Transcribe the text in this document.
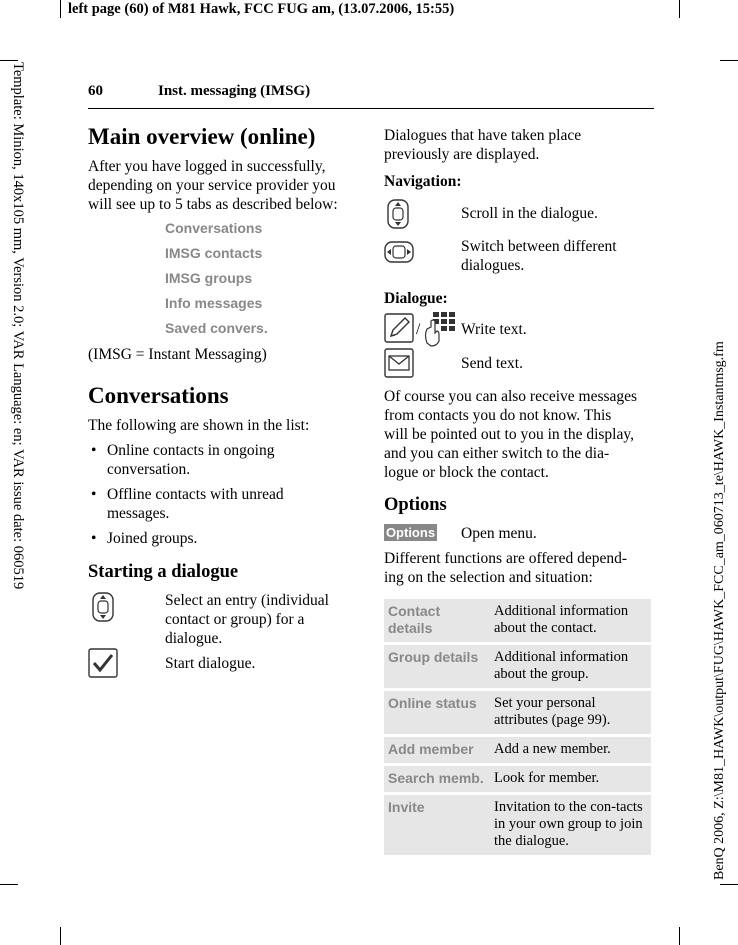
left page (60) of M81 Hawk, FCC FUG am, (13.07.2006, 15:55)
Template: Minion, 140x105 mm, Version 2.0; VAR Language: en; VAR issue date: 060519
BenQ 2006, Z:\M81_HAWK\output\FUG\HAWK_FCC_am_060713_te\HAWK_Instantmsg.fm
60	Inst. messaging (IMSG)
Main overview (online)
After you have logged in successfully,
depending on your service provider you
will see up to 5 tabs as described below:
Conversations
IMSG contacts
IMSG groups
Info messages
Saved convers.
(IMSG = Instant Messaging)
Conversations
The following are shown in the list:
• Online contacts in ongoing
conversation.
• Offline contacts with unread
messages.
• Joined groups.
Starting a dialogue
Select an entry (individual
contact or group) for a
dialogue.
Start dialogue.
Dialogues that have taken place
previously are displayed.
Navigation:
Scroll in the dialogue.
Switch between different
dialogues.
Dialogue:
/	Write text.
Send text.
Of course you can also receive messages
from contacts you do not know. This
will be pointed out to you in the display,
and you can either switch to the dia-
logue or block the contact.
Options
Options Open menu.
Different functions are offered depend-
ing on the selection and situation:
Contact details	Additional information about the contact.
Group details	Additional information about the group.
Online status	Set your personal attributes (page 99).
Add member	Add a new member.
Search memb.	Look for member.
Invite	Invitation to the con-tacts in your own group to join the dialogue.
